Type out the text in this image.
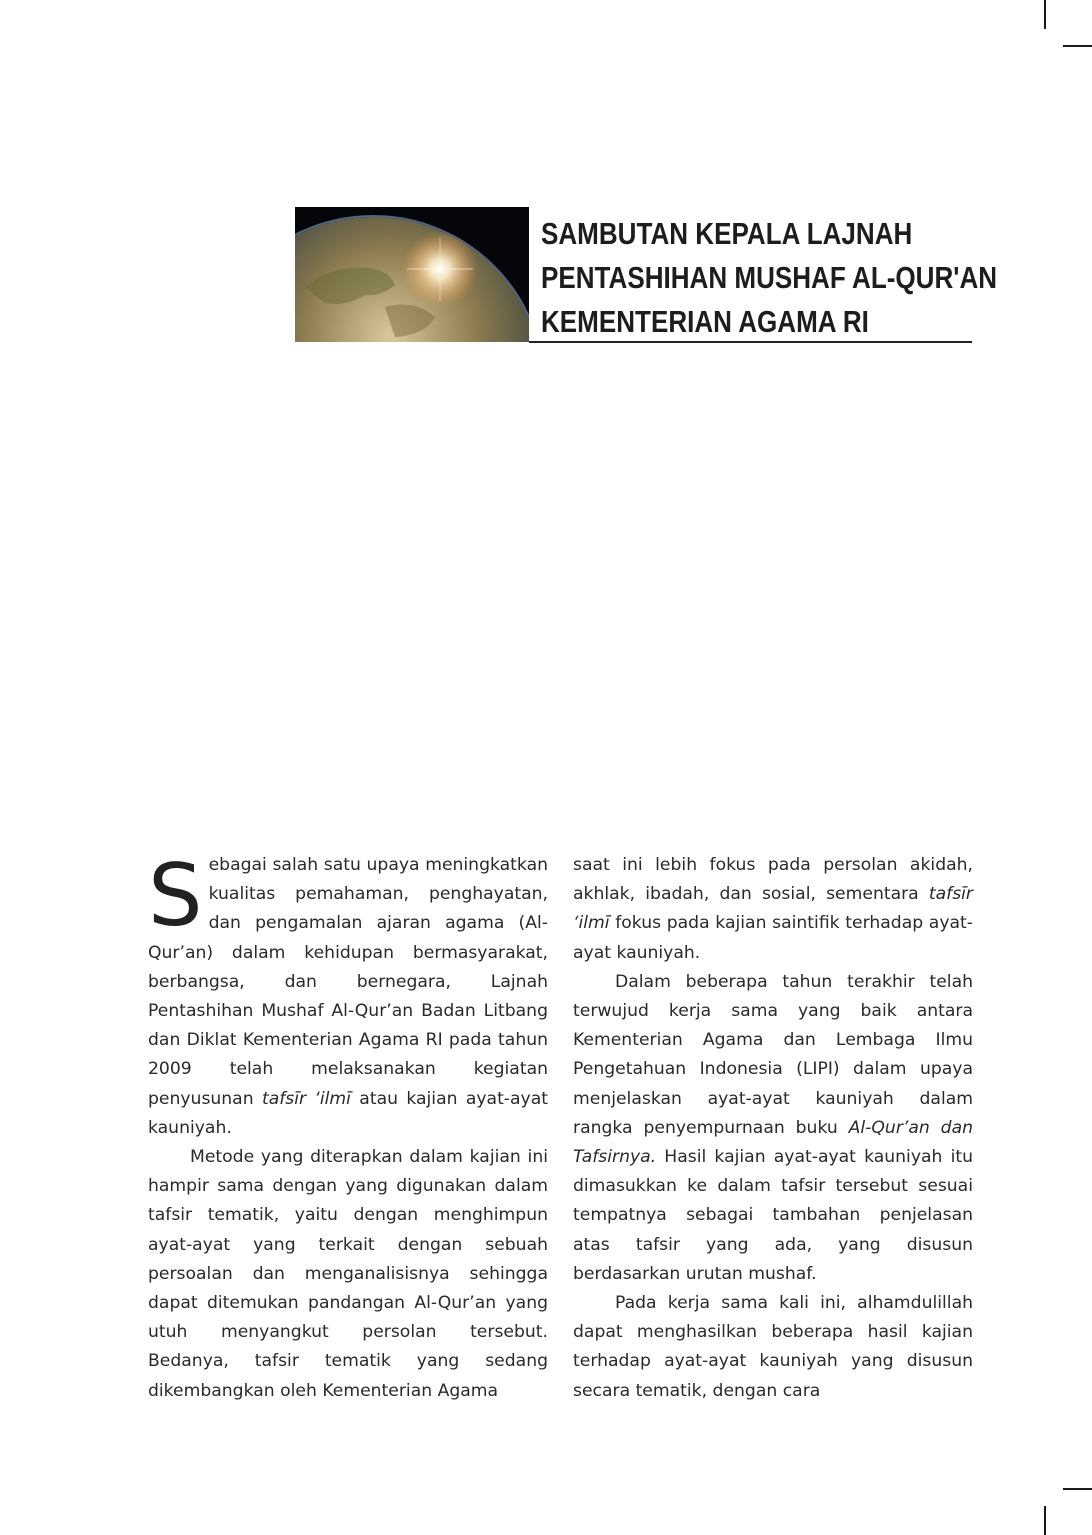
SAMBUTAN KEPALA LAJNAH
PENTASHIHAN MUSHAF AL-QUR'AN
KEMENTERIAN AGAMA RI

Sebagai salah satu upaya meningkatkan kualitas pemahaman, penghayatan, dan pengamalan ajaran agama (Al-Qur’an) dalam kehidupan bermasyarakat, berbangsa, dan bernegara, Lajnah Pentashihan Mushaf Al-Qur’an Badan Litbang dan Diklat Kementerian Agama RI pada tahun 2009 telah melaksanakan kegiatan penyusunan tafsīr ‘ilmī atau kajian ayat-ayat kauniyah.

Metode yang diterapkan dalam kajian ini hampir sama dengan yang digunakan dalam tafsir tematik, yaitu dengan menghimpun ayat-ayat yang terkait dengan sebuah persoalan dan menganalisisnya sehingga dapat ditemukan pandangan Al-Qur’an yang utuh menyangkut persolan tersebut. Bedanya, tafsir tematik yang sedang dikembangkan oleh Kementerian Agama

saat ini lebih fokus pada persolan akidah, akhlak, ibadah, dan sosial, sementara tafsīr ‘ilmī fokus pada kajian saintifik terhadap ayat-ayat kauniyah.

Dalam beberapa tahun terakhir telah terwujud kerja sama yang baik antara Kementerian Agama dan Lembaga Ilmu Pengetahuan Indonesia (LIPI) dalam upaya menjelaskan ayat-ayat kauniyah dalam rangka penyempurnaan buku Al-Qur’an dan Tafsirnya. Hasil kajian ayat-ayat kauniyah itu dimasukkan ke dalam tafsir tersebut sesuai tempatnya sebagai tambahan penjelasan atas tafsir yang ada, yang disusun berdasarkan urutan mushaf.

Pada kerja sama kali ini, alhamdulillah dapat menghasilkan beberapa hasil kajian terhadap ayat-ayat kauniyah yang disusun secara tematik, dengan cara
